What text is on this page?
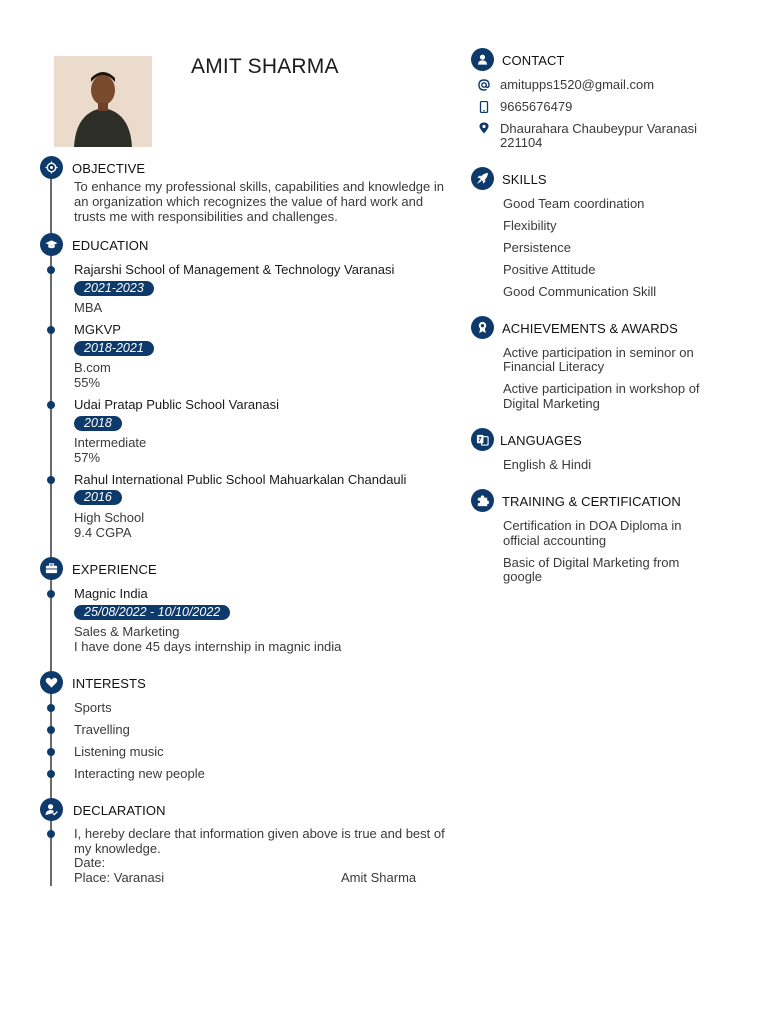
AMIT SHARMA
OBJECTIVE
To enhance my professional skills, capabilities and knowledge in
an organization which recognizes the value of hard work and
trusts me with responsibilities and challenges.
EDUCATION
Rajarshi School of Management & Technology Varanasi
2021-2023
MBA
MGKVP
2018-2021
B.com
55%
Udai Pratap Public School Varanasi
2018
Intermediate
57%
Rahul International Public School Mahuarkalan Chandauli
2016
High School
9.4 CGPA
EXPERIENCE
Magnic India
25/08/2022 - 10/10/2022
Sales & Marketing
I have done 45 days internship in magnic india
INTERESTS
Sports
Travelling
Listening music
Interacting new people
DECLARATION
I, hereby declare that information given above is true and best of
my knowledge.
Date:
Place: Varanasi	Amit Sharma
CONTACT
amitupps1520@gmail.com
9665676479
Dhaurahara Chaubeypur Varanasi
221104
SKILLS
Good Team coordination
Flexibility
Persistence
Positive Attitude
Good Communication Skill
ACHIEVEMENTS & AWARDS
Active participation in seminor on
Financial Literacy
Active participation in workshop of
Digital Marketing
LANGUAGES
English & Hindi
TRAINING & CERTIFICATION
Certification in DOA Diploma in
official accounting
Basic of Digital Marketing from
google
